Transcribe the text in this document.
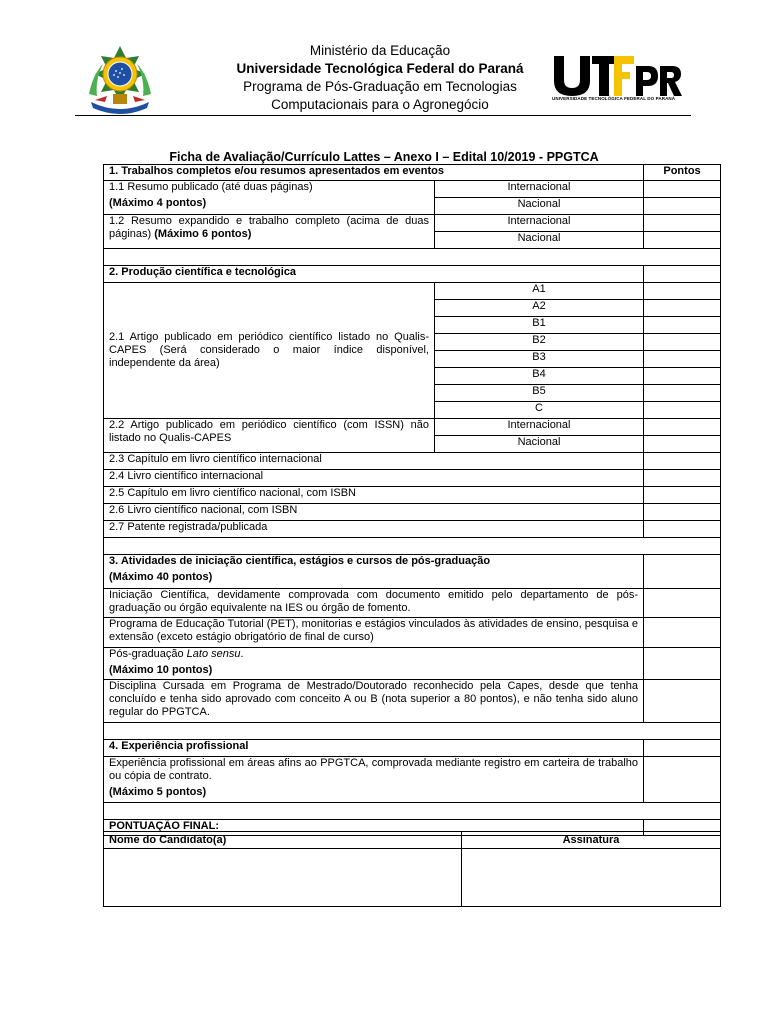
Ministério da Educação
Universidade Tecnológica Federal do Paraná
Programa de Pós-Graduação em Tecnologias
Computacionais para o Agronegócio	UNIVERSIDADE TECNOLÓGICA FEDERAL DO PARANÁ
Ficha de Avaliação/Currículo Lattes – Anexo I – Edital 10/2019 - PPGTCA
1. Trabalhos completos e/ou resumos apresentados em eventos		Pontos

1.1 Resumo publicado (até duas páginas)
(Máximo 4 pontos)	Internacional	
	Nacional	
1.2 Resumo expandido e trabalho completo (acima de duas páginas) (Máximo 6 pontos)	Internacional	
	Nacional	

2. Produção científica e tecnológica		
2.1 Artigo publicado em periódico científico listado no Qualis-CAPES (Será considerado o maior índice disponível, independente da área)	A1	
	A2	
	B1	
	B2	
	B3	
	B4	
	B5	
	C	
2.2 Artigo publicado em periódico científico (com ISSN) não listado no Qualis-CAPES	Internacional	
	Nacional	
2.3 Capítulo em livro científico internacional		
2.4 Livro científico internacional		
2.5 Capítulo em livro científico nacional, com ISBN		
2.6 Livro científico nacional, com ISBN		
2.7 Patente registrada/publicada		

3. Atividades de iniciação científica, estágios e cursos de pós-graduação
(Máximo 40 pontos)		

Iniciação Científica, devidamente comprovada com documento emitido pelo departamento de pós-graduação ou órgão equivalente na IES ou órgão de fomento.		
Programa de Educação Tutorial (PET), monitorias e estágios vinculados às atividades de ensino, pesquisa e extensão (exceto estágio obrigatório de final de curso)		

Pós-graduação Lato sensu.
(Máximo 10 pontos)		

Disciplina Cursada em Programa de Mestrado/Doutorado reconhecido pela Capes, desde que tenha concluído e tenha sido aprovado com conceito A ou B (nota superior a 80 pontos), e não tenha sido aluno regular do PPGTCA.		

4. Experiência profissional		

Experiência profissional em áreas afins ao PPGTCA, comprovada mediante registro em carteira de trabalho ou cópia de contrato.
(Máximo 5 pontos)		

PONTUAÇÃO FINAL:		
Nome do Candidato(a)	Assinatura
